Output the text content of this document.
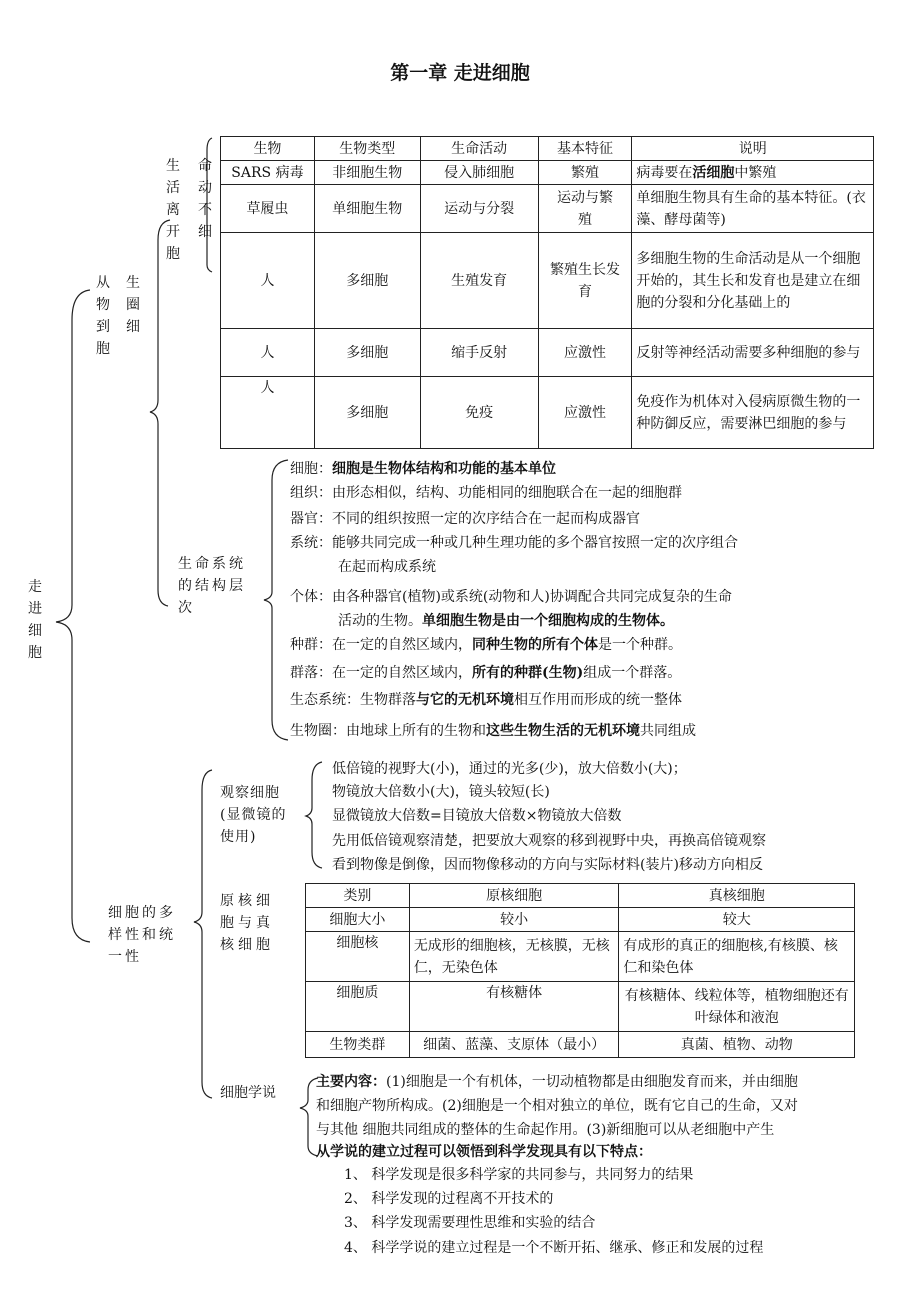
第一章 走进细胞
走
进
细
胞
从
物
到
胞
生
圈
细
生
活
离
开
胞
命
动
不
细
生物	生物类型	生命活动	基本特征	说明
SARS 病毒	非细胞生物	侵入肺细胞	繁殖	病毒要在活细胞中繁殖
草履虫	单细胞生物	运动与分裂	运动与繁殖	单细胞生物具有生命的基本特征。(衣藻、酵母菌等)
人	多细胞	生殖发育	繁殖生长发育	多细胞生物的生命活动是从一个细胞开始的，其生长和发育也是建立在细胞的分裂和分化基础上的
人	多细胞	缩手反射	应激性	反射等神经活动需要多种细胞的参与
人	多细胞	免疫	应激性	免疫作为机体对入侵病原微生物的一种防御反应，需要淋巴细胞的参与
生命系统
的结构层
次
细胞：细胞是生物体结构和功能的基本单位
组织：由形态相似，结构、功能相同的细胞联合在一起的细胞群
器官：不同的组织按照一定的次序结合在一起而构成器官
系统：能够共同完成一种或几种生理功能的多个器官按照一定的次序组合
在起而构成系统
个体：由各种器官(植物)或系统(动物和人)协调配合共同完成复杂的生命
活动的生物。单细胞生物是由一个细胞构成的生物体。
种群：在一定的自然区域内，同种生物的所有个体是一个种群。
群落：在一定的自然区域内，所有的种群(生物)组成一个群落。
生态系统：生物群落与它的无机环境相互作用而形成的统一整体
生物圈：由地球上所有的生物和这些生物生活的无机环境共同组成
细胞的多
样性和统
一性
观察细胞
(显微镜的
使用)
低倍镜的视野大(小)，通过的光多(少)，放大倍数小(大)；
物镜放大倍数小(大)，镜头较短(长)
显微镜放大倍数=目镜放大倍数×物镜放大倍数
先用低倍镜观察清楚，把要放大观察的移到视野中央，再换高倍镜观察
看到物像是倒像，因而物像移动的方向与实际材料(装片)移动方向相反
原核细
胞与真
核细胞
类别	原核细胞	真核细胞
细胞大小	较小	较大
细胞核	无成形的细胞核，无核膜，无核仁，无染色体	有成形的真正的细胞核,有核膜、核仁和染色体
细胞质	有核糖体	有核糖体、线粒体等，植物细胞还有叶绿体和液泡
生物类群	细菌、蓝藻、支原体（最小）	真菌、植物、动物
细胞学说
主要内容：(1)细胞是一个有机体，一切动植物都是由细胞发育而来，并由细胞
和细胞产物所构成。(2)细胞是一个相对独立的单位，既有它自己的生命，又对
与其他 细胞共同组成的整体的生命起作用。(3)新细胞可以从老细胞中产生
从学说的建立过程可以领悟到科学发现具有以下特点：
1、 科学发现是很多科学家的共同参与，共同努力的结果
2、 科学发现的过程离不开技术的
3、 科学发现需要理性思维和实验的结合
4、 科学学说的建立过程是一个不断开拓、继承、修正和发展的过程
